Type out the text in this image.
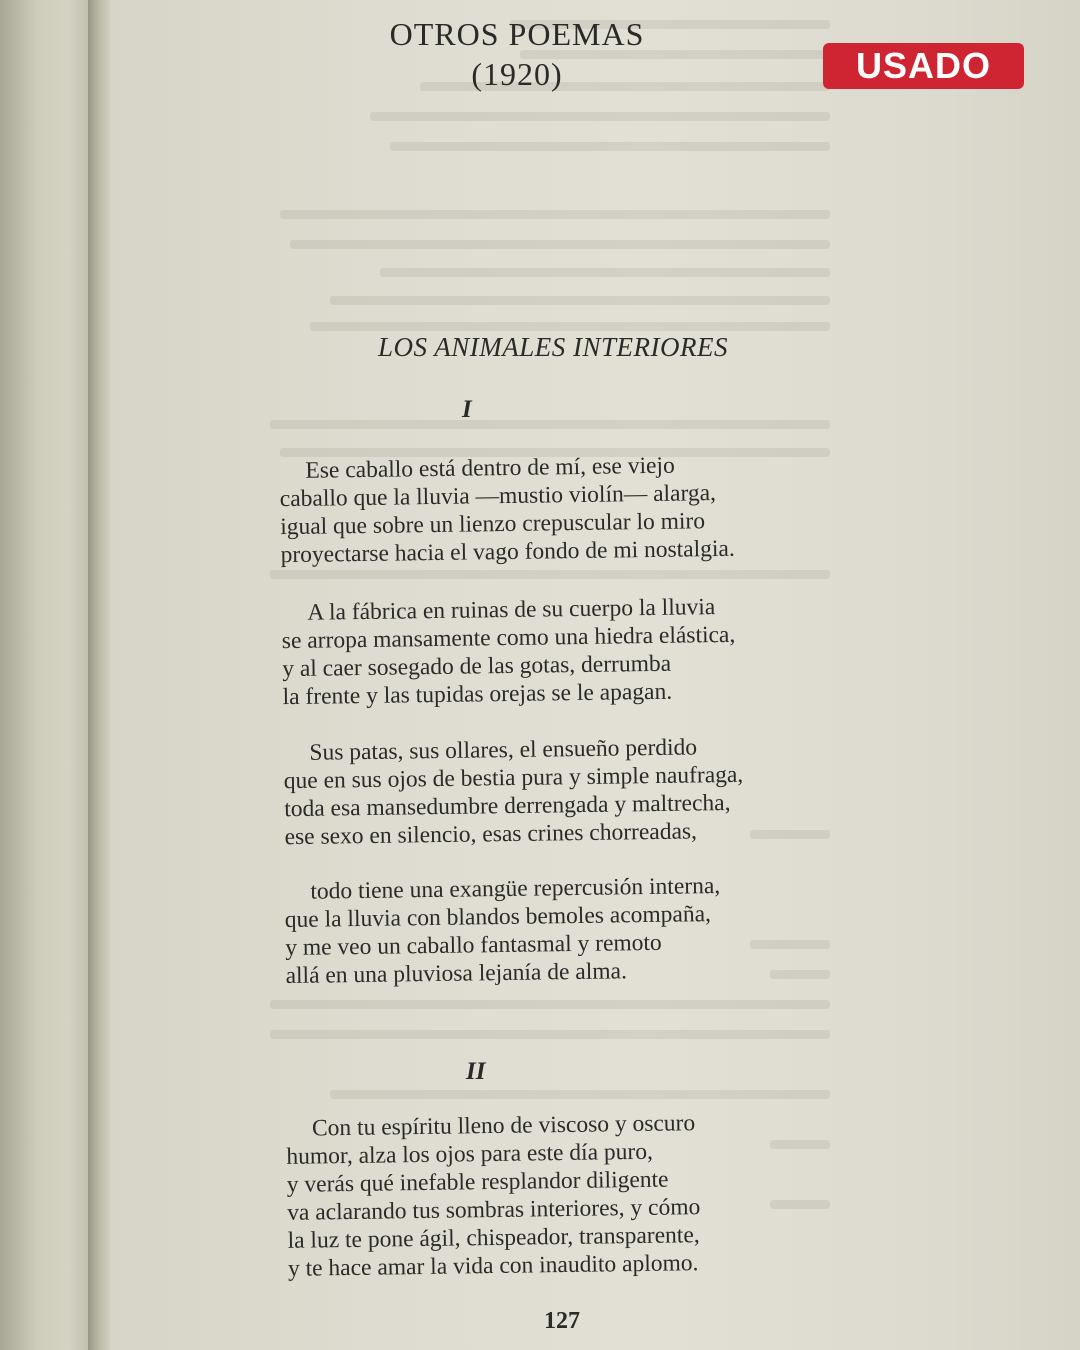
OTROS POEMAS
(1920)	USADO
LOS ANIMALES INTERIORES
I
Ese caballo está dentro de mí, ese viejo
caballo que la lluvia —mustio violín— alarga,
igual que sobre un lienzo crepuscular lo miro
proyectarse hacia el vago fondo de mi nostalgia.
A la fábrica en ruinas de su cuerpo la lluvia
se arropa mansamente como una hiedra elástica,
y al caer sosegado de las gotas, derrumba
la frente y las tupidas orejas se le apagan.
Sus patas, sus ollares, el ensueño perdido
que en sus ojos de bestia pura y simple naufraga,
toda esa mansedumbre derrengada y maltrecha,
ese sexo en silencio, esas crines chorreadas,
todo tiene una exangüe repercusión interna,
que la lluvia con blandos bemoles acompaña,
y me veo un caballo fantasmal y remoto
allá en una pluviosa lejanía de alma.
II
Con tu espíritu lleno de viscoso y oscuro
humor, alza los ojos para este día puro,
y verás qué inefable resplandor diligente
va aclarando tus sombras interiores, y cómo
la luz te pone ágil, chispeador, transparente,
y te hace amar la vida con inaudito aplomo.
127
